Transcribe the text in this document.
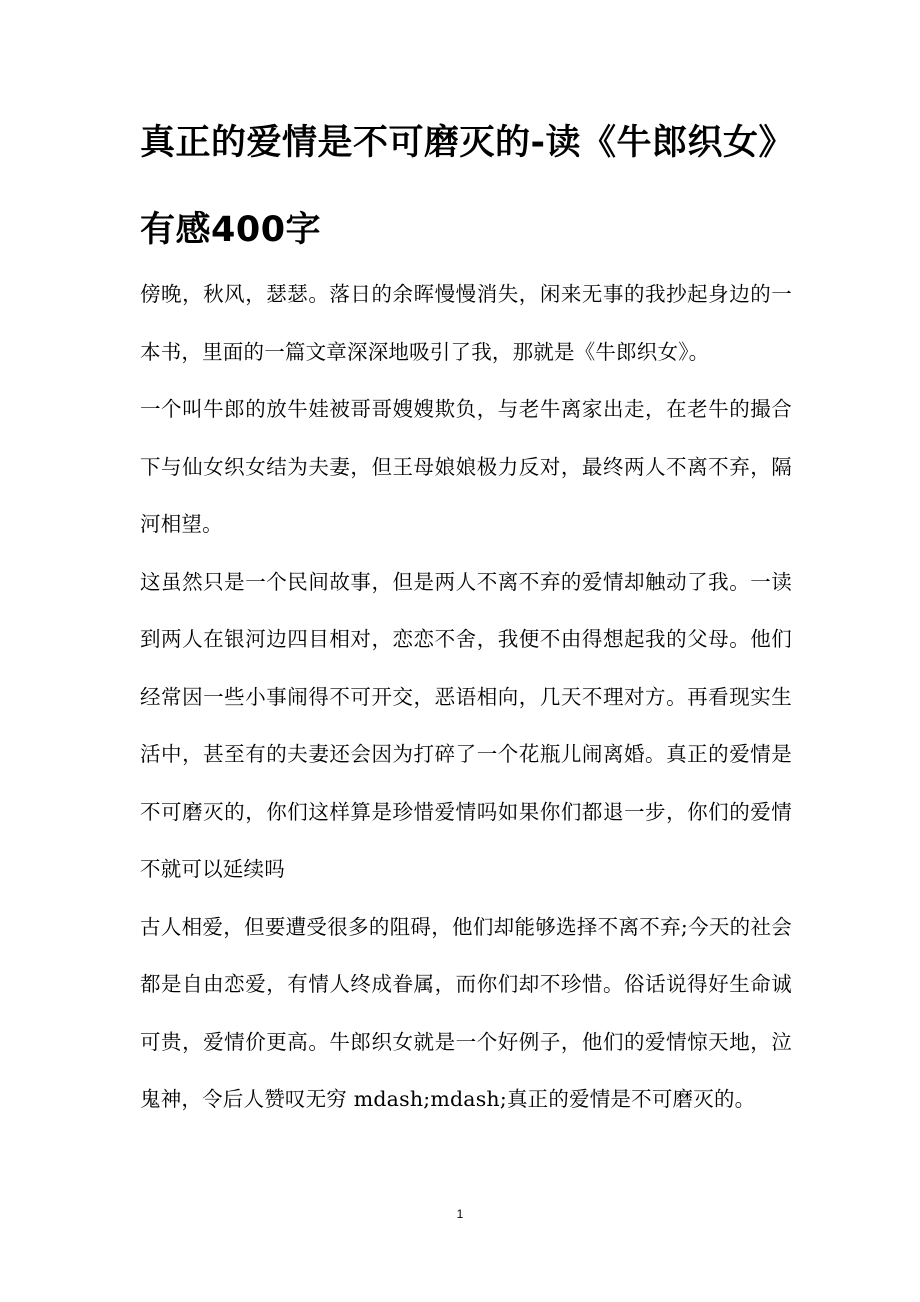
真正的爱情是不可磨灭的-读《牛郎织女》有感400字

傍晚，秋风，瑟瑟。落日的余晖慢慢消失，闲来无事的我抄起身边的一本书，里面的一篇文章深深地吸引了我，那就是《牛郎织女》。

一个叫牛郎的放牛娃被哥哥嫂嫂欺负，与老牛离家出走，在老牛的撮合下与仙女织女结为夫妻，但王母娘娘极力反对，最终两人不离不弃，隔河相望。

这虽然只是一个民间故事，但是两人不离不弃的爱情却触动了我。一读到两人在银河边四目相对，恋恋不舍，我便不由得想起我的父母。他们经常因一些小事闹得不可开交，恶语相向，几天不理对方。再看现实生活中，甚至有的夫妻还会因为打碎了一个花瓶儿闹离婚。真正的爱情是不可磨灭的，你们这样算是珍惜爱情吗如果你们都退一步，你们的爱情不就可以延续吗

古人相爱，但要遭受很多的阻碍，他们却能够选择不离不弃;今天的社会都是自由恋爱，有情人终成眷属，而你们却不珍惜。俗话说得好生命诚可贵，爱情价更高。牛郎织女就是一个好例子，他们的爱情惊天地，泣鬼神，令后人赞叹无穷 mdash;mdash;真正的爱情是不可磨灭的。

1
